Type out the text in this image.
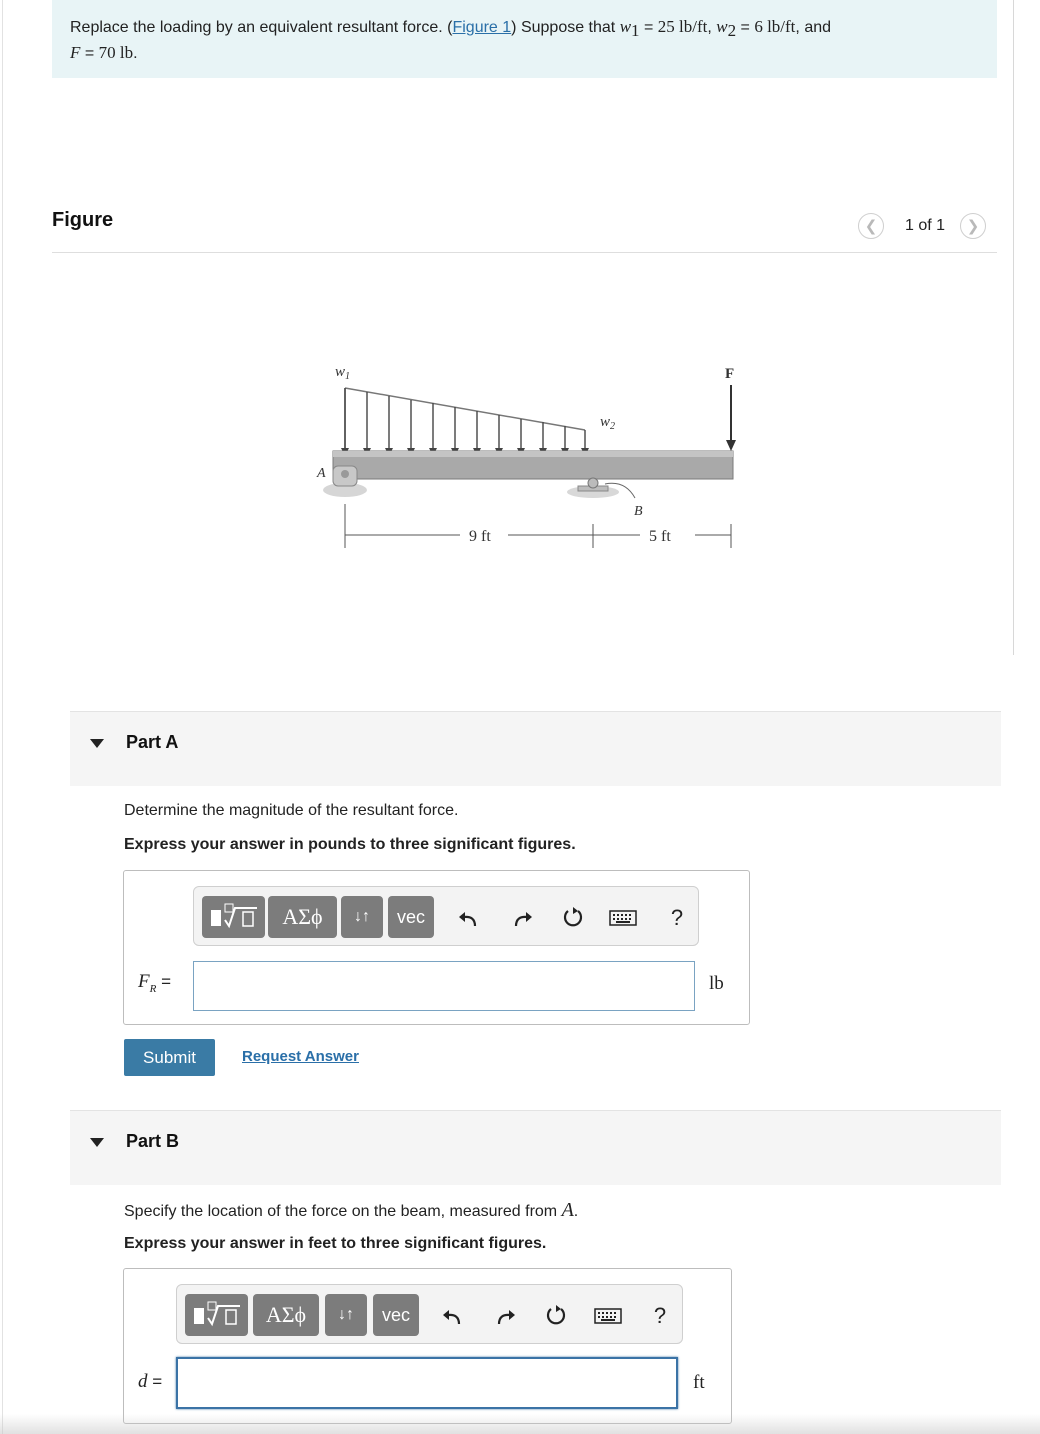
Replace the loading by an equivalent resultant force. (Figure 1) Suppose that $w_1 = 25$ lb/ft, $w_2 = 6$ lb/ft, and
F = 70 lb.
Figure	❮	1 of 1	❯
$w_1$
$w_2$
F
A
B
9 ft	5 ft
Part A
Determine the magnitude of the resultant force.
Express your answer in pounds to three significant figures.
ΑΣϕ	↓↑	vec	?
$F_R$ =	lb
Submit	Request Answer
Part B
Specify the location of the force on the beam, measured from A.
Express your answer in feet to three significant figures.
ΑΣϕ	↓↑	vec	?
d =	ft
